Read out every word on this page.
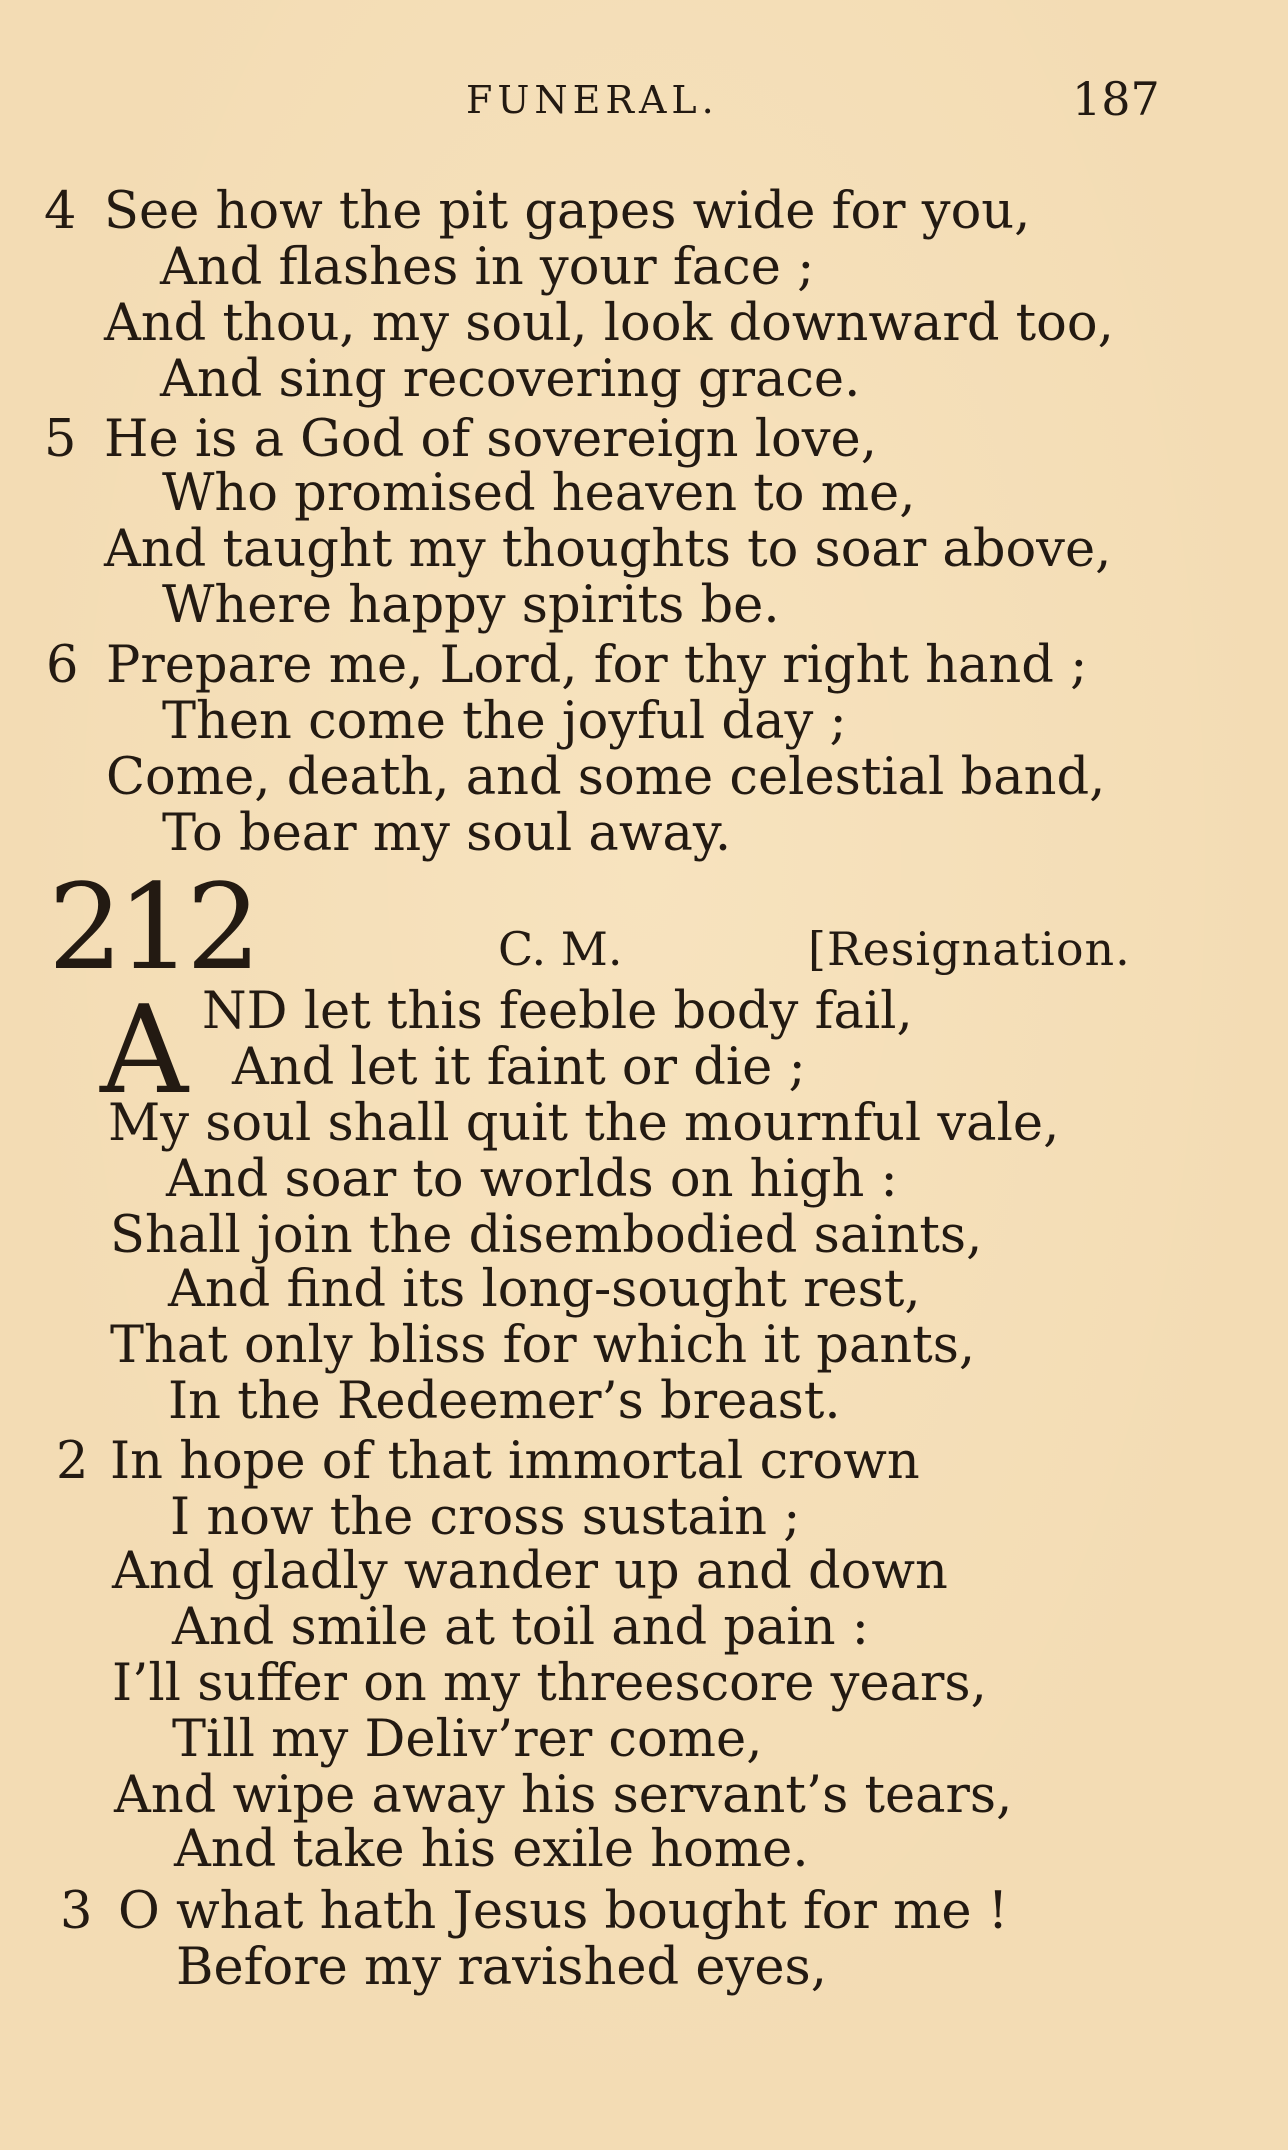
FUNERAL.	187
4 See how the pit gapes wide for you,
And flashes in your face ;
And thou, my soul, look downward too,
And sing recovering grace.
5 He is a God of sovereign love,
Who promised heaven to me,
And taught my thoughts to soar above,
Where happy spirits be.
6 Prepare me, Lord, for thy right hand ;
Then come the joyful day ;
Come, death, and some celestial band,
To bear my soul away.
212	C. M.	[Resignation.
A ND let this feeble body fail,
And let it faint or die ;
My soul shall quit the mournful vale,
And soar to worlds on high :
Shall join the disembodied saints,
And find its long-sought rest,
That only bliss for which it pants,
In the Redeemer’s breast.
2 In hope of that immortal crown
I now the cross sustain ;
And gladly wander up and down
And smile at toil and pain :
I’ll suffer on my threescore years,
Till my Deliv’rer come,
And wipe away his servant’s tears,
And take his exile home.
3 O what hath Jesus bought for me !
Before my ravished eyes,
